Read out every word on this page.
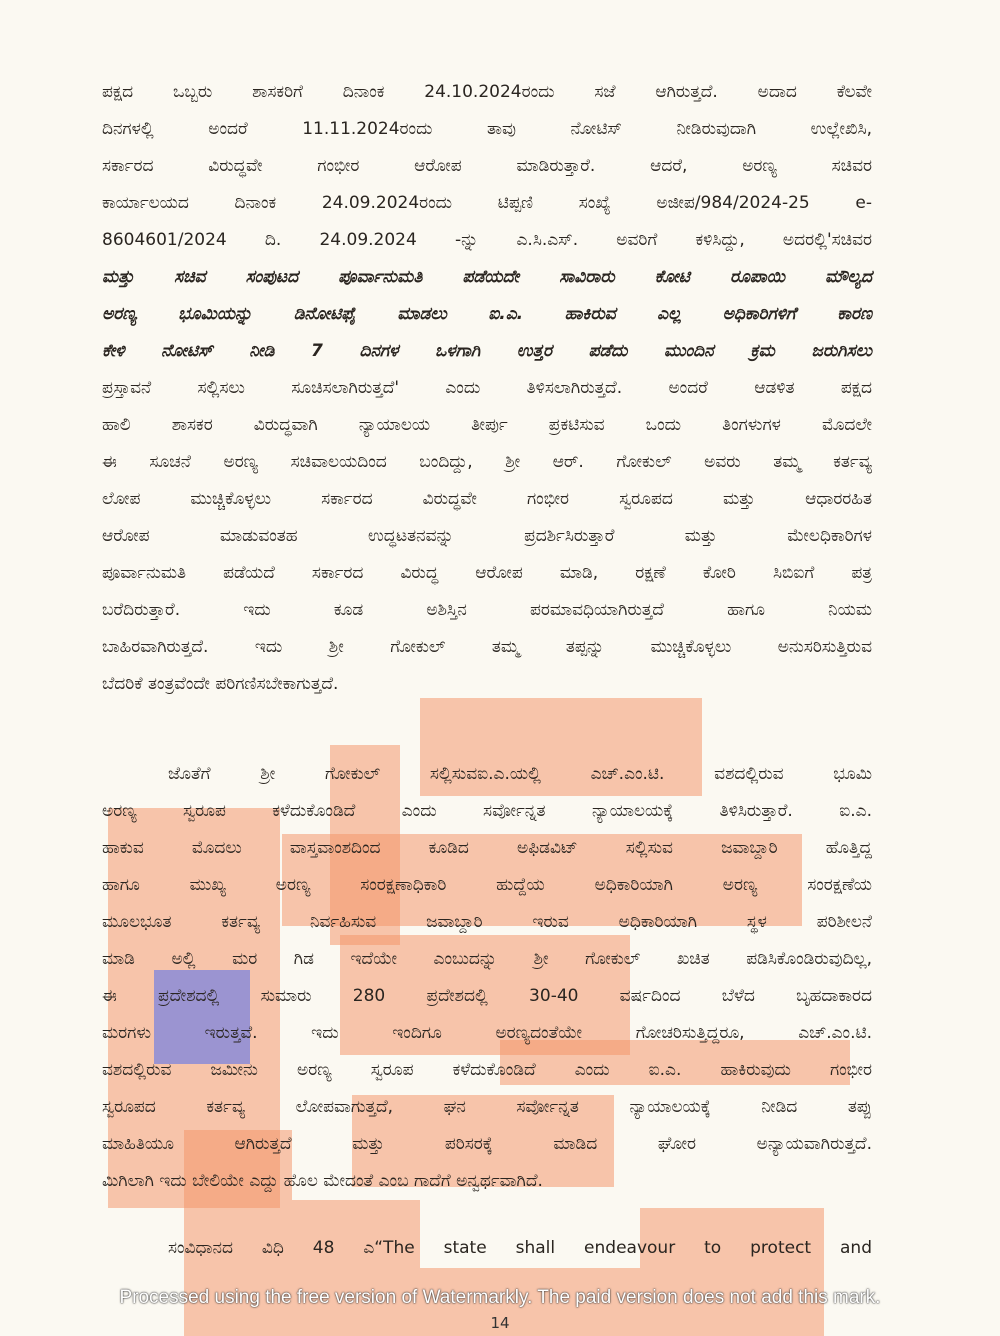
ಪಕ್ಷದ ಒಬ್ಬರು ಶಾಸಕರಿಗೆ ದಿನಾಂಕ 24.10.2024ರಂದು ಸಜೆ ಆಗಿರುತ್ತದೆ. ಅದಾದ ಕೆಲವೇ
ದಿನಗಳಲ್ಲಿ ಅಂದರೆ 11.11.2024ರಂದು ತಾವು ನೋಟಿಸ್ ನೀಡಿರುವುದಾಗಿ ಉಲ್ಲೇಖಿಸಿ,
ಸರ್ಕಾರದ ವಿರುದ್ಧವೇ ಗಂಭೀರ ಆರೋಪ ಮಾಡಿರುತ್ತಾರೆ. ಆದರೆ, ಅರಣ್ಯ ಸಚಿವರ
ಕಾರ್ಯಾಲಯದ ದಿನಾಂಕ 24.09.2024ರಂದು ಟಿಪ್ಪಣಿ ಸಂಖ್ಯೆ ಅಜೀಪ/984/2024-25 e-
8604601/2024 ದಿ. 24.09.2024 -ನ್ನು ಎ.ಸಿ.ಎಸ್. ಅವರಿಗೆ ಕಳಿಸಿದ್ದು, ಅದರಲ್ಲಿ'ಸಚಿವರ
ಮತ್ತು ಸಚಿವ ಸಂಪುಟದ ಪೂರ್ವಾನುಮತಿ ಪಡೆಯದೇ ಸಾವಿರಾರು ಕೋಟಿ ರೂಪಾಯಿ ಮೌಲ್ಯದ
ಅರಣ್ಯ ಭೂಮಿಯನ್ನು ಡಿನೋಟಿಫೈ ಮಾಡಲು ಐ.ಎ. ಹಾಕಿರುವ ಎಲ್ಲ ಅಧಿಕಾರಿಗಳಿಗೆ ಕಾರಣ
ಕೇಳಿ ನೋಟಿಸ್ ನೀಡಿ 7 ದಿನಗಳ ಒಳಗಾಗಿ ಉತ್ತರ ಪಡೆದು ಮುಂದಿನ ಕ್ರಮ ಜರುಗಿಸಲು
ಪ್ರಸ್ತಾವನೆ ಸಲ್ಲಿಸಲು ಸೂಚಿಸಲಾಗಿರುತ್ತದೆ' ಎಂದು ತಿಳಿಸಲಾಗಿರುತ್ತದೆ. ಅಂದರೆ ಆಡಳಿತ ಪಕ್ಷದ
ಹಾಲಿ ಶಾಸಕರ ವಿರುದ್ಧವಾಗಿ ನ್ಯಾಯಾಲಯ ತೀರ್ಪು ಪ್ರಕಟಿಸುವ ಒಂದು ತಿಂಗಳುಗಳ ಮೊದಲೇ
ಈ ಸೂಚನೆ ಅರಣ್ಯ ಸಚಿವಾಲಯದಿಂದ ಬಂದಿದ್ದು, ಶ್ರೀ ಆರ್. ಗೋಕುಲ್ ಅವರು ತಮ್ಮ ಕರ್ತವ್ಯ
ಲೋಪ ಮುಚ್ಚಿಕೊಳ್ಳಲು ಸರ್ಕಾರದ ವಿರುದ್ಧವೇ ಗಂಭೀರ ಸ್ವರೂಪದ ಮತ್ತು ಆಧಾರರಹಿತ
ಆರೋಪ ಮಾಡುವಂತಹ ಉದ್ಧಟತನವನ್ನು ಪ್ರದರ್ಶಿಸಿರುತ್ತಾರೆ ಮತ್ತು ಮೇಲಧಿಕಾರಿಗಳ
ಪೂರ್ವಾನುಮತಿ ಪಡೆಯದೆ ಸರ್ಕಾರದ ವಿರುದ್ಧ ಆರೋಪ ಮಾಡಿ, ರಕ್ಷಣೆ ಕೋರಿ ಸಿಬಿಐಗೆ ಪತ್ರ
ಬರೆದಿರುತ್ತಾರೆ. ಇದು ಕೂಡ ಅಶಿಸ್ತಿನ ಪರಮಾವಧಿಯಾಗಿರುತ್ತದೆ ಹಾಗೂ ನಿಯಮ
ಬಾಹಿರವಾಗಿರುತ್ತದೆ. ಇದು ಶ್ರೀ ಗೋಕುಲ್ ತಮ್ಮ ತಪ್ಪನ್ನು ಮುಚ್ಚಿಕೊಳ್ಳಲು ಅನುಸರಿಸುತ್ತಿರುವ
ಬೆದರಿಕೆ ತಂತ್ರವೆಂದೇ ಪರಿಗಣಿಸಬೇಕಾಗುತ್ತದೆ.
ಜೊತೆಗೆ ಶ್ರೀ ಗೋಕುಲ್ ಸಲ್ಲಿಸುವಐ.ಎ.ಯಲ್ಲಿ ಎಚ್.ಎಂ.ಟಿ. ವಶದಲ್ಲಿರುವ ಭೂಮಿ
ಅರಣ್ಯ ಸ್ವರೂಪ ಕಳೆದುಕೊಂಡಿದೆ ಎಂದು ಸರ್ವೋನ್ನತ ನ್ಯಾಯಾಲಯಕ್ಕೆ ತಿಳಿಸಿರುತ್ತಾರೆ. ಐ.ಎ.
ಹಾಕುವ ಮೊದಲು ವಾಸ್ತವಾಂಶದಿಂದ ಕೂಡಿದ ಅಫಿಡವಿಟ್ ಸಲ್ಲಿಸುವ ಜವಾಬ್ದಾರಿ ಹೊತ್ತಿದ್ದ
ಹಾಗೂ ಮುಖ್ಯ ಅರಣ್ಯ ಸಂರಕ್ಷಣಾಧಿಕಾರಿ ಹುದ್ದೆಯ ಅಧಿಕಾರಿಯಾಗಿ ಅರಣ್ಯ ಸಂರಕ್ಷಣೆಯ
ಮೂಲಭೂತ ಕರ್ತವ್ಯ ನಿರ್ವಹಿಸುವ ಜವಾಬ್ದಾರಿ ಇರುವ ಅಧಿಕಾರಿಯಾಗಿ ಸ್ಥಳ ಪರಿಶೀಲನೆ
ಮಾಡಿ ಅಲ್ಲಿ ಮರ ಗಿಡ ಇದೆಯೇ ಎಂಬುದನ್ನು ಶ್ರೀ ಗೋಕುಲ್ ಖಚಿತ ಪಡಿಸಿಕೊಂಡಿರುವುದಿಲ್ಲ,
ಈ ಪ್ರದೇಶದಲ್ಲಿ ಸುಮಾರು 280 ಪ್ರದೇಶದಲ್ಲಿ 30-40 ವರ್ಷದಿಂದ ಬೆಳೆದ ಬೃಹದಾಕಾರದ
ಮರಗಳು ಇರುತ್ತವೆ. ಇದು ಇಂದಿಗೂ ಅರಣ್ಯದಂತೆಯೇ ಗೋಚರಿಸುತ್ತಿದ್ದರೂ, ಎಚ್.ಎಂ.ಟಿ.
ವಶದಲ್ಲಿರುವ ಜಮೀನು ಅರಣ್ಯ ಸ್ವರೂಪ ಕಳೆದುಕೊಂಡಿದೆ ಎಂದು ಐ.ಎ. ಹಾಕಿರುವುದು ಗಂಭೀರ
ಸ್ವರೂಪದ ಕರ್ತವ್ಯ ಲೋಪವಾಗುತ್ತದೆ, ಘನ ಸರ್ವೋನ್ನತ ನ್ಯಾಯಾಲಯಕ್ಕೆ ನೀಡಿದ ತಪ್ಪು
ಮಾಹಿತಿಯೂ ಆಗಿರುತ್ತದೆ ಮತ್ತು ಪರಿಸರಕ್ಕೆ ಮಾಡಿದ ಘೋರ ಅನ್ಯಾಯವಾಗಿರುತ್ತದೆ.
ಮಿಗಿಲಾಗಿ ಇದು ಬೇಲಿಯೇ ಎದ್ದು ಹೊಲ ಮೇದಂತೆ ಎಂಬ ಗಾದೆಗೆ ಅನ್ವರ್ಥವಾಗಿದೆ.
ಸಂವಿಧಾನದ ವಿಧಿ 48 ಎ“The state shall endeavour to protect and
Processed using the free version of Watermarkly. The paid version does not add this mark.
14
